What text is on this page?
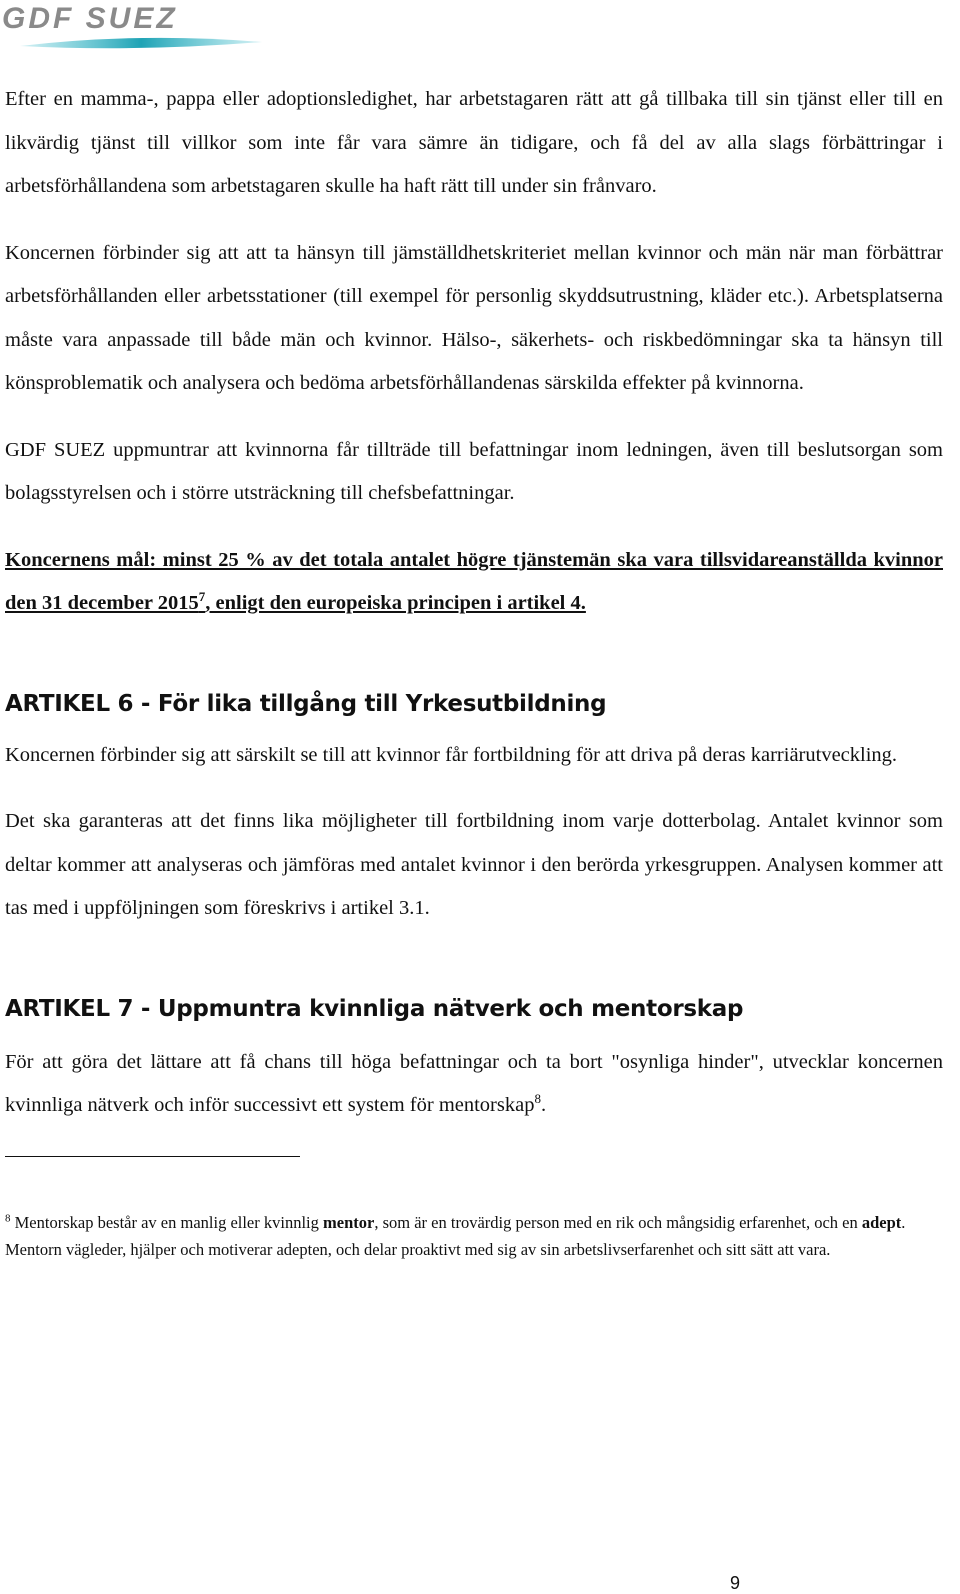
GDF SUEZ

Efter en mamma-, pappa eller adoptionsledighet, har arbetstagaren rätt att gå tillbaka till sin tjänst eller till en likvärdig tjänst till villkor som inte får vara sämre än tidigare, och få del av alla slags förbättringar i arbetsförhållandena som arbetstagaren skulle ha haft rätt till under sin frånvaro.

Koncernen förbinder sig att att ta hänsyn till jämställdhetskriteriet mellan kvinnor och män när man förbättrar arbetsförhållanden eller arbetsstationer (till exempel för personlig skyddsutrustning, kläder etc.). Arbetsplatserna måste vara anpassade till både män och kvinnor. Hälso-, säkerhets- och riskbedömningar ska ta hänsyn till könsproblematik och analysera och bedöma arbetsförhållandenas särskilda effekter på kvinnorna.

GDF SUEZ uppmuntrar att kvinnorna får tillträde till befattningar inom ledningen, även till beslutsorgan som bolagsstyrelsen och i större utsträckning till chefsbefattningar.

Koncernens mål: minst 25 % av det totala antalet högre tjänstemän ska vara tillsvidareanställda kvinnor den 31 december 2015$^7$, enligt den europeiska principen i artikel 4.

ARTIKEL 6 - För lika tillgång till Yrkesutbildning

Koncernen förbinder sig att särskilt se till att kvinnor får fortbildning för att driva på deras karriärutveckling.

Det ska garanteras att det finns lika möjligheter till fortbildning inom varje dotterbolag. Antalet kvinnor som deltar kommer att analyseras och jämföras med antalet kvinnor i den berörda yrkesgruppen. Analysen kommer att tas med i uppföljningen som föreskrivs i artikel 3.1.

ARTIKEL 7 - Uppmuntra kvinnliga nätverk och mentorskap

För att göra det lättare att få chans till höga befattningar och ta bort "osynliga hinder", utvecklar koncernen kvinnliga nätverk och inför successivt ett system för mentorskap$^8$.

$^8$ Mentorskap består av en manlig eller kvinnlig mentor, som är en trovärdig person med en rik och mångsidig erfarenhet, och en adept. Mentorn vägleder, hjälper och motiverar adepten, och delar proaktivt med sig av sin arbetslivserfarenhet och sitt sätt att vara.

9
